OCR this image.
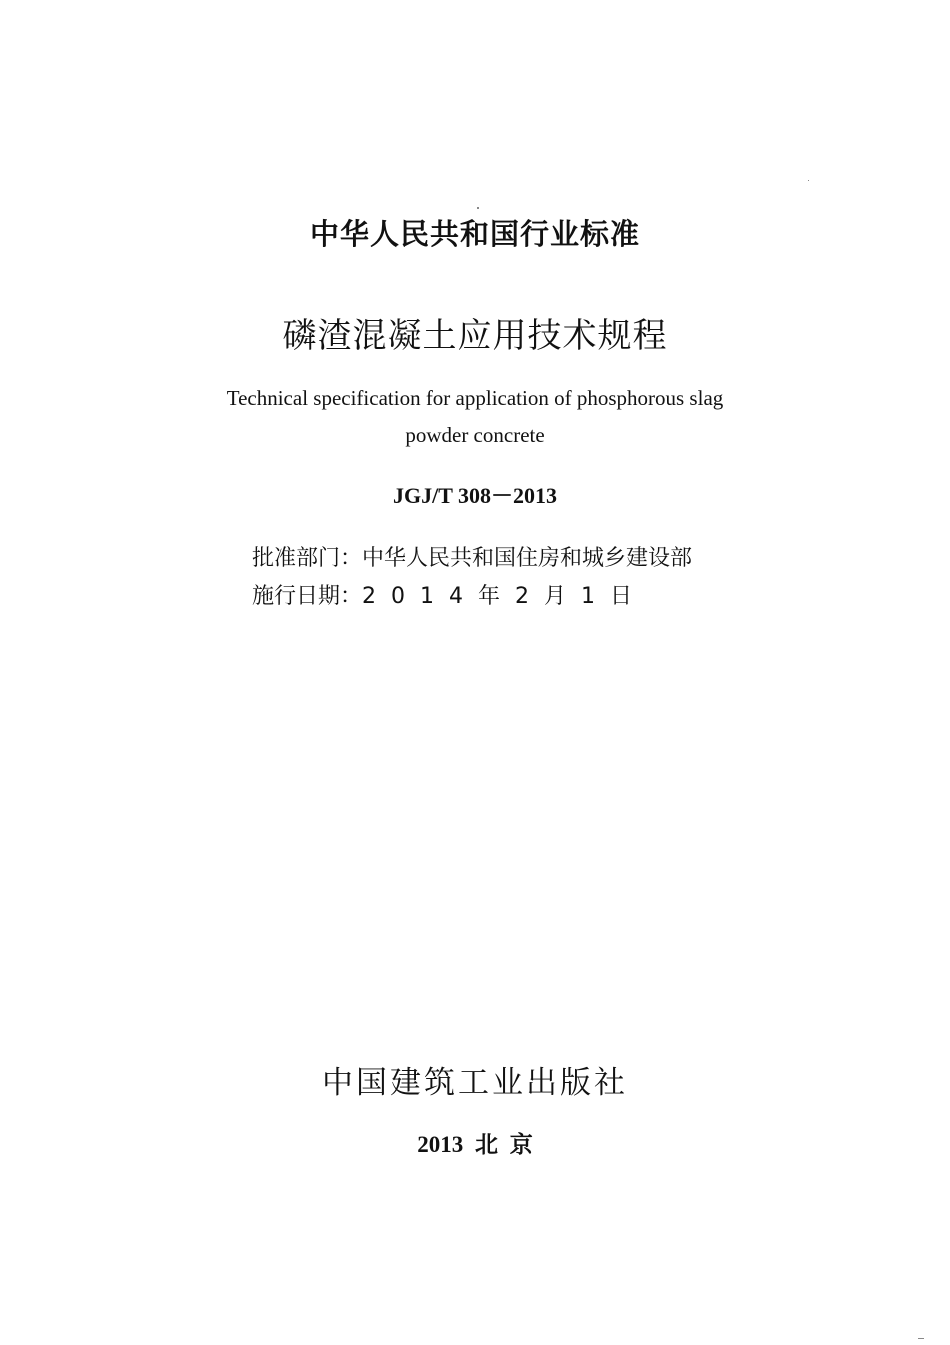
中华人民共和国行业标准
磷渣混凝土应用技术规程
Technical specification for application of phosphorous slag
powder concrete
JGJ/T 308－2013
批准部门：中华人民共和国住房和城乡建设部
施行日期：2014年2月1日
中国建筑工业出版社
2013 北 京
